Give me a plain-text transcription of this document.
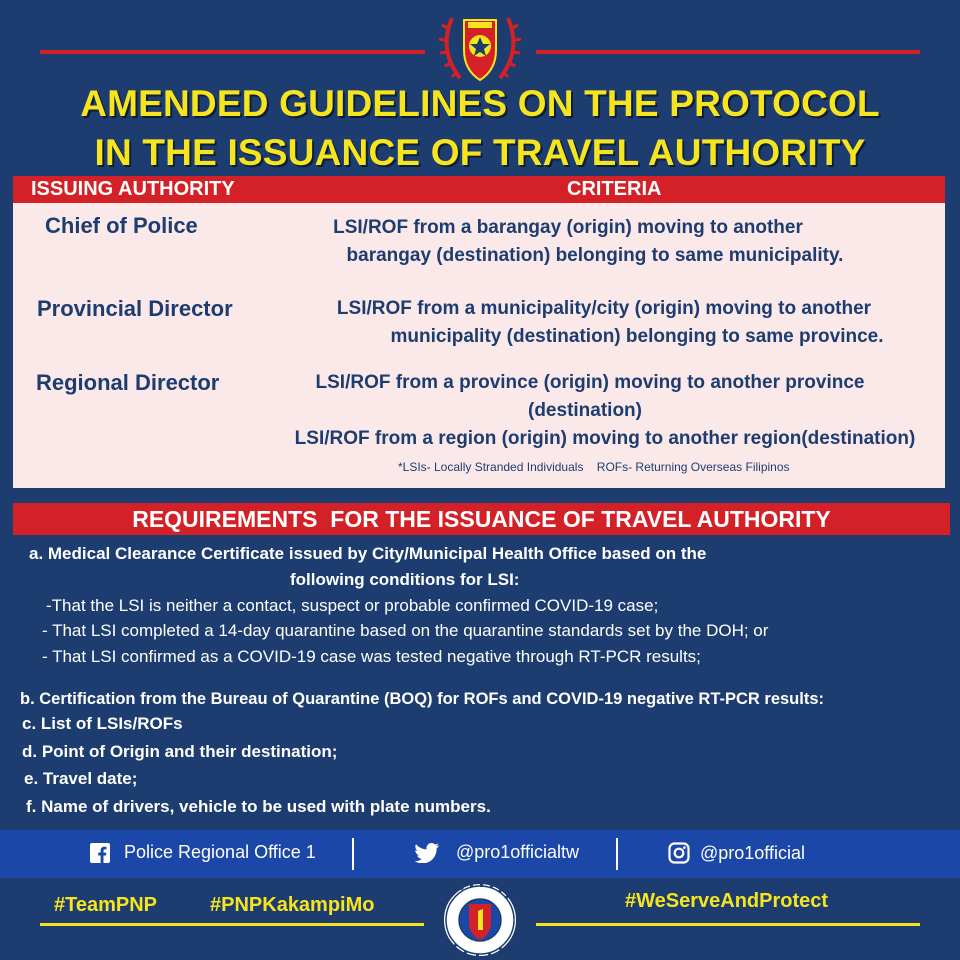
AMENDED GUIDELINES ON THE PROTOCOL
IN THE ISSUANCE OF TRAVEL AUTHORITY
ISSUING AUTHORITY	CRITERIA
Chief of Police	LSI/ROF from a barangay (origin) moving to another
barangay (destination) belonging to same municipality.
Provincial Director	LSI/ROF from a municipality/city (origin) moving to another
municipality (destination) belonging to same province.
Regional Director	LSI/ROF from a province (origin) moving to another province
(destination)
LSI/ROF from a region (origin) moving to another region(destination)
*LSIs- Locally Stranded Individuals    ROFs- Returning Overseas Filipinos
REQUIREMENTS  FOR THE ISSUANCE OF TRAVEL AUTHORITY
a. Medical Clearance Certificate issued by City/Municipal Health Office based on the
following conditions for LSI:
-That the LSI is neither a contact, suspect or probable confirmed COVID-19 case;
- That LSI completed a 14-day quarantine based on the quarantine standards set by the DOH; or
- That LSI confirmed as a COVID-19 case was tested negative through RT-PCR results;
b. Certification from the Bureau of Quarantine (BOQ) for ROFs and COVID-19 negative RT-PCR results:
c. List of LSIs/ROFs
d. Point of Origin and their destination;
e. Travel date;
f. Name of drivers, vehicle to be used with plate numbers.
Police Regional Office 1	@pro1officialtw	@pro1official
#TeamPNP	#PNPKakampiMo	#WeServeAndProtect
